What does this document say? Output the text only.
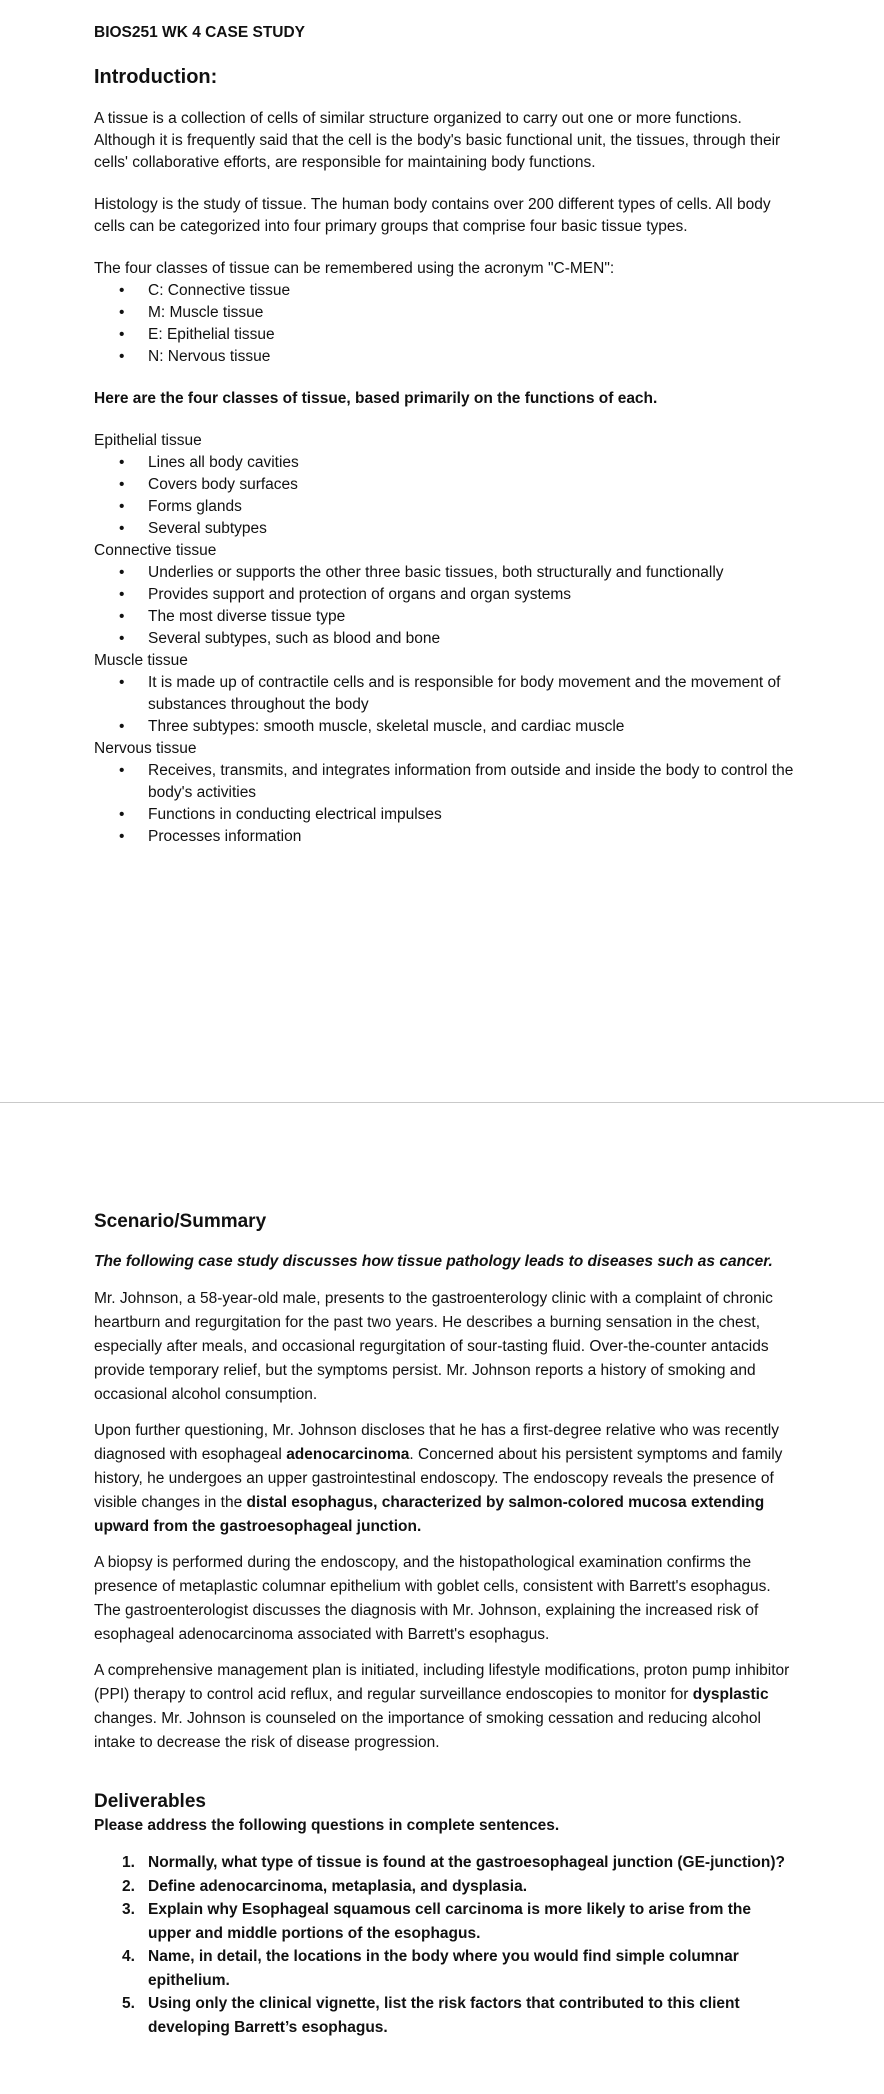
BIOS251 WK 4 CASE STUDY
Introduction:

A tissue is a collection of cells of similar structure organized to carry out one or more functions. Although it is frequently said that the cell is the body's basic functional unit, the tissues, through their cells' collaborative efforts, are responsible for maintaining body functions.

Histology is the study of tissue. The human body contains over 200 different types of cells. All body cells can be categorized into four primary groups that comprise four basic tissue types.

The four classes of tissue can be remembered using the acronym "C-MEN":

• C: Connective tissue
• M: Muscle tissue
• E: Epithelial tissue
• N: Nervous tissue

Here are the four classes of tissue, based primarily on the functions of each.

Epithelial tissue
• Lines all body cavities
• Covers body surfaces
• Forms glands
• Several subtypes
Connective tissue
• Underlies or supports the other three basic tissues, both structurally and functionally
• Provides support and protection of organs and organ systems
• The most diverse tissue type
• Several subtypes, such as blood and bone
Muscle tissue
• It is made up of contractile cells and is responsible for body movement and the movement of substances throughout the body
• Three subtypes: smooth muscle, skeletal muscle, and cardiac muscle
Nervous tissue
• Receives, transmits, and integrates information from outside and inside the body to control the body's activities
• Functions in conducting electrical impulses
• Processes information
Scenario/Summary

The following case study discusses how tissue pathology leads to diseases such as cancer.

Mr. Johnson, a 58-year-old male, presents to the gastroenterology clinic with a complaint of chronic heartburn and regurgitation for the past two years. He describes a burning sensation in the chest, especially after meals, and occasional regurgitation of sour-tasting fluid. Over-the-counter antacids provide temporary relief, but the symptoms persist. Mr. Johnson reports a history of smoking and occasional alcohol consumption.

Upon further questioning, Mr. Johnson discloses that he has a first-degree relative who was recently diagnosed with esophageal adenocarcinoma. Concerned about his persistent symptoms and family history, he undergoes an upper gastrointestinal endoscopy. The endoscopy reveals the presence of visible changes in the distal esophagus, characterized by salmon-colored mucosa extending upward from the gastroesophageal junction.

A biopsy is performed during the endoscopy, and the histopathological examination confirms the presence of metaplastic columnar epithelium with goblet cells, consistent with Barrett's esophagus. The gastroenterologist discusses the diagnosis with Mr. Johnson, explaining the increased risk of esophageal adenocarcinoma associated with Barrett's esophagus.

A comprehensive management plan is initiated, including lifestyle modifications, proton pump inhibitor (PPI) therapy to control acid reflux, and regular surveillance endoscopies to monitor for dysplastic changes. Mr. Johnson is counseled on the importance of smoking cessation and reducing alcohol intake to decrease the risk of disease progression.

Deliverables

Please address the following questions in complete sentences.

1. Normally, what type of tissue is found at the gastroesophageal junction (GE-junction)?
2. Define adenocarcinoma, metaplasia, and dysplasia.
3. Explain why Esophageal squamous cell carcinoma is more likely to arise from the upper and middle portions of the esophagus.
4. Name, in detail, the locations in the body where you would find simple columnar epithelium.
5. Using only the clinical vignette, list the risk factors that contributed to this client developing Barrett’s esophagus.
